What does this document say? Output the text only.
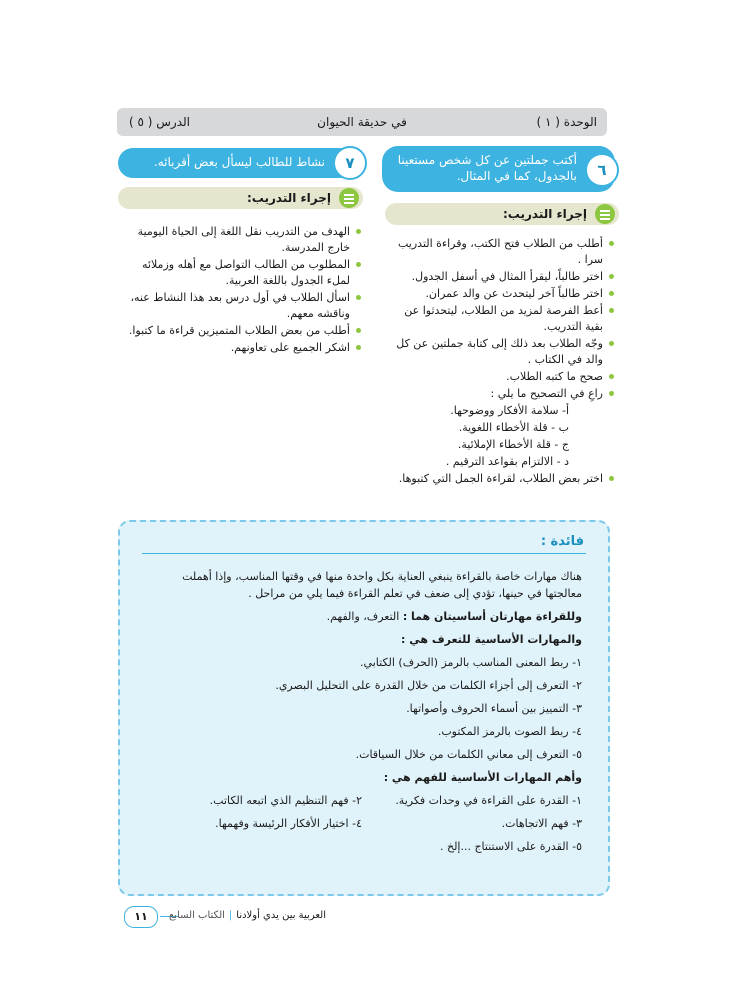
الوحدة ( ١ )
في حديقة الحيوان
الدرس ( ٥ )
٦
أكتب جملتين عن كل شخص مستعينا بالجدول، كما في المثال.
٧
نشاط للطالب ليسأل بعض أقربائه.
إجراء التدريب:
إجراء التدريب:
أطلب من الطلاب فتح الكتب، وقراءة التدريب سرا .
اختر طالباً، ليقرأ المثال في أسفل الجدول.
اختر طالباً آخر ليتحدث عن والد عمران.
أعط الفرصة لمزيد من الطلاب، ليتحدثوا عن بقية التدريب.
وجّه الطلاب بعد ذلك إلى كتابة جملتين عن كل والد في الكتاب .
صحح ما كتبه الطلاب.
راعِ في التصحيح ما يلي :
أ- سلامة الأفكار ووضوحها.
ب - قلة الأخطاء اللغوية.
ج - قلة الأخطاء الإملائية.
د - الالتزام بقواعد الترقيم .
اختر بعض الطلاب، لقراءة الجمل التي كتبوها.
الهدف من التدريب نقل اللغة إلى الحياة اليومية خارج المدرسة.
المطلوب من الطالب التواصل مع أهله وزملائه لملء الجدول باللغة العربية.
اسأل الطلاب في أول درس بعد هذا النشاط عنه، وناقشه معهم.
أطلب من بعض الطلاب المتميزين قراءة ما كتبوا.
اشكر الجميع على تعاونهم.
فائدة :

هناك مهارات خاصة بالقراءة ينبغي العناية بكل واحدة منها في وقتها المناسب، وإذا أهملت معالجتها في حينها، تؤدي إلى ضعف في تعلم القراءة فيما يلي من مراحل .

وللقراءة مهارتان أساسيتان هما : التعرف، والفهم.

والمهارات الأساسية للتعرف هي :

١- ربط المعنى المناسب بالرمز (الحرف) الكتابي.

٢- التعرف إلى أجزاء الكلمات من خلال القدرة على التحليل البصري.

٣- التمييز بين أسماء الحروف وأصواتها.

٤- ربط الصوت بالرمز المكتوب.

٥- التعرف إلى معاني الكلمات من خلال السياقات.

وأهم المهارات الأساسية للفهم هي :

١- القدرة على القراءة في وحدات فكرية.
٢- فهم التنظيم الذي اتبعه الكاتب.

٣- فهم الاتجاهات.
٤- اختيار الأفكار الرئيسة وفهمها.

٥- القدرة على الاستنتاج ...إلخ .

١١	العربية بين يدي أولادنا|الكتاب السابع
